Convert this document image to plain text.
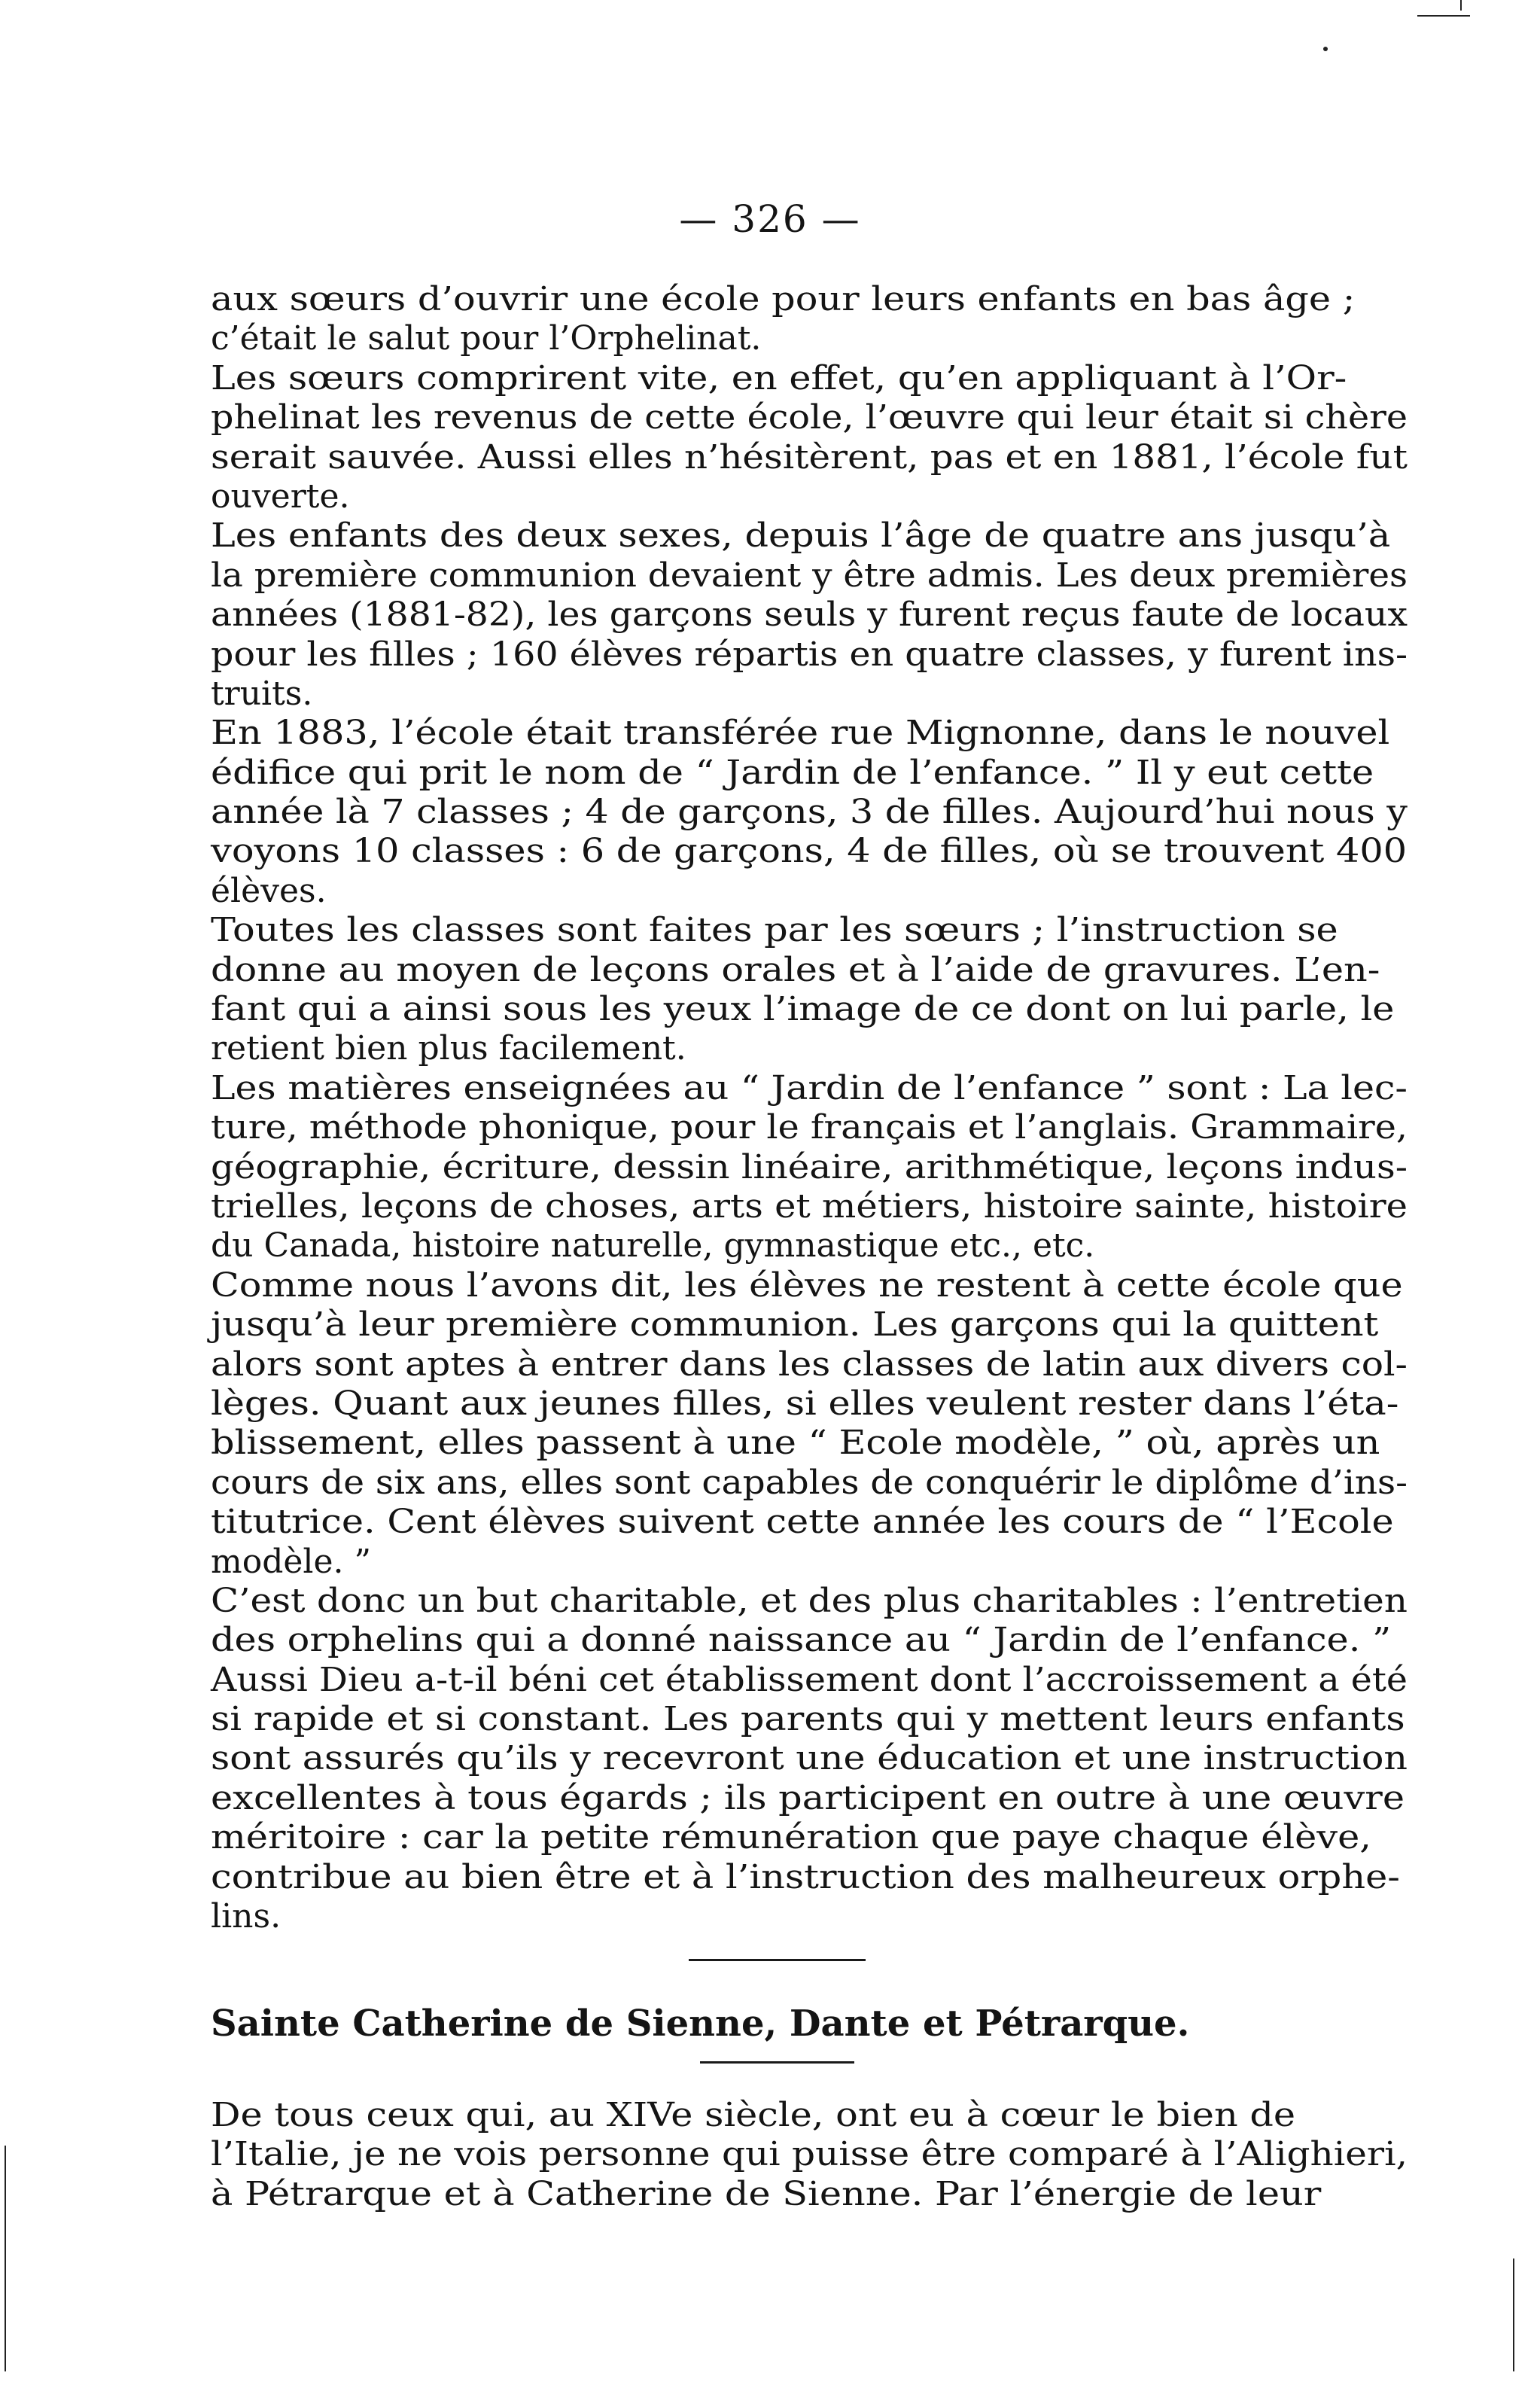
— 326 —
aux sœurs d’ouvrir une école pour leurs enfants en bas âge ;
c’était le salut pour l’Orphelinat.
Les sœurs comprirent vite, en effet, qu’en appliquant à l’Or-
phelinat les revenus de cette école, l’œuvre qui leur était si chère
serait sauvée. Aussi elles n’hésitèrent, pas et en 1881, l’école fut
ouverte.
Les enfants des deux sexes, depuis l’âge de quatre ans jusqu’à
la première communion devaient y être admis. Les deux premières
années (1881-82), les garçons seuls y furent reçus faute de locaux
pour les filles ; 160 élèves répartis en quatre classes, y furent ins-
truits.
En 1883, l’école était transférée rue Mignonne, dans le nouvel
édifice qui prit le nom de “ Jardin de l’enfance. ” Il y eut cette
année là 7 classes ; 4 de garçons, 3 de filles. Aujourd’hui nous y
voyons 10 classes : 6 de garçons, 4 de filles, où se trouvent 400
élèves.
Toutes les classes sont faites par les sœurs ; l’instruction se
donne au moyen de leçons orales et à l’aide de gravures. L’en-
fant qui a ainsi sous les yeux l’image de ce dont on lui parle, le
retient bien plus facilement.
Les matières enseignées au “ Jardin de l’enfance ” sont : La lec-
ture, méthode phonique, pour le français et l’anglais. Grammaire,
géographie, écriture, dessin linéaire, arithmétique, leçons indus-
trielles, leçons de choses, arts et métiers, histoire sainte, histoire
du Canada, histoire naturelle, gymnastique etc., etc.
Comme nous l’avons dit, les élèves ne restent à cette école que
jusqu’à leur première communion. Les garçons qui la quittent
alors sont aptes à entrer dans les classes de latin aux divers col-
lèges. Quant aux jeunes filles, si elles veulent rester dans l’éta-
blissement, elles passent à une “ Ecole modèle, ” où, après un
cours de six ans, elles sont capables de conquérir le diplôme d’ins-
titutrice. Cent élèves suivent cette année les cours de “ l’Ecole
modèle. ”
C’est donc un but charitable, et des plus charitables : l’entretien
des orphelins qui a donné naissance au “ Jardin de l’enfance. ”
Aussi Dieu a-t-il béni cet établissement dont l’accroissement a été
si rapide et si constant. Les parents qui y mettent leurs enfants
sont assurés qu’ils y recevront une éducation et une instruction
excellentes à tous égards ; ils participent en outre à une œuvre
méritoire : car la petite rémunération que paye chaque élève,
contribue au bien être et à l’instruction des malheureux orphe-
lins.
Sainte Catherine de Sienne, Dante et Pétrarque.
De tous ceux qui, au XIVe siècle, ont eu à cœur le bien de
l’Italie, je ne vois personne qui puisse être comparé à l’Alighieri,
à Pétrarque et à Catherine de Sienne. Par l’énergie de leur
